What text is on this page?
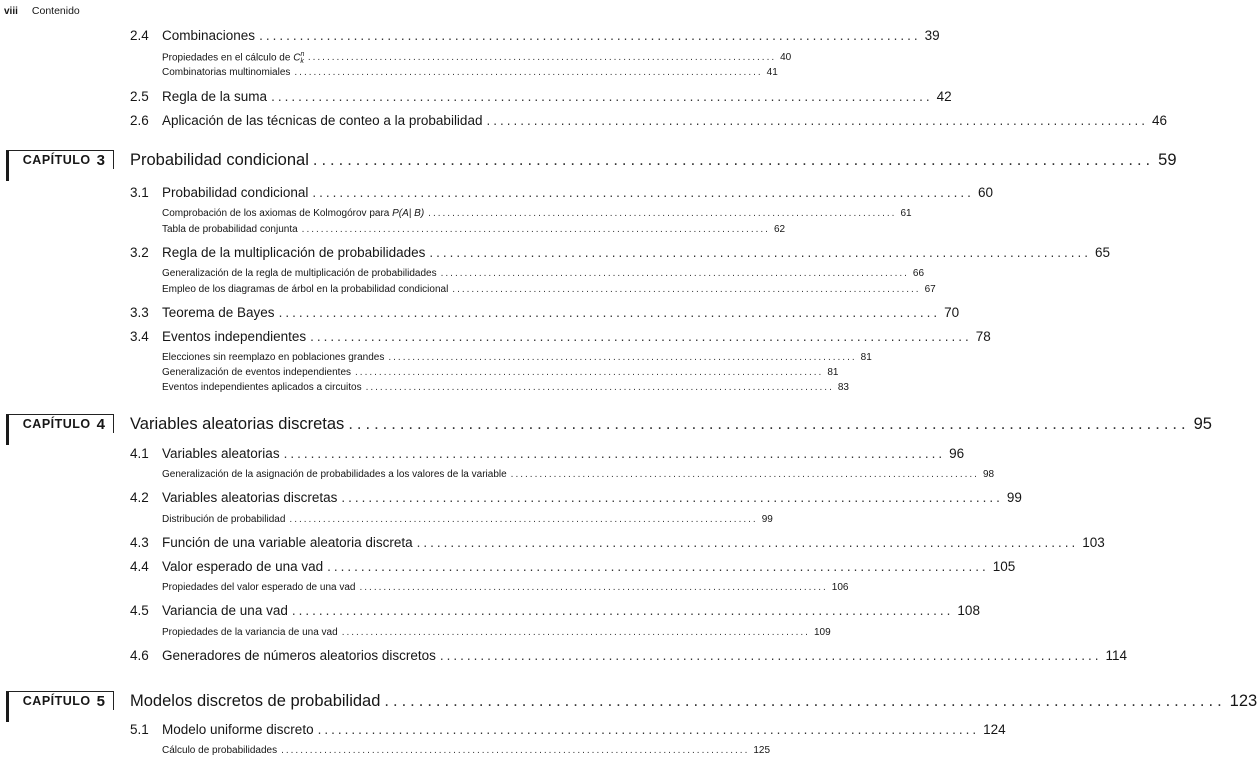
viii Contenido
2.4 Combinaciones .................................................................................................. 39
Propiedades en el cálculo de $C^n_k$ .................................................................................................. 40
Combinatorias multinomiales .................................................................................................. 41
2.5 Regla de la suma .................................................................................................. 42
2.6 Aplicación de las técnicas de conteo a la probabilidad .................................................................................................. 46
CAPÍTULO 3 Probabilidad condicional .................................................................................................. 59
3.1 Probabilidad condicional .................................................................................................. 60
Comprobación de los axiomas de Kolmogórov para P(A| B) .................................................................................................. 61
Tabla de probabilidad conjunta .................................................................................................. 62
3.2 Regla de la multiplicación de probabilidades .................................................................................................. 65
Generalización de la regla de multiplicación de probabilidades .................................................................................................. 66
Empleo de los diagramas de árbol en la probabilidad condicional .................................................................................................. 67
3.3 Teorema de Bayes .................................................................................................. 70
3.4 Eventos independientes .................................................................................................. 78
Elecciones sin reemplazo en poblaciones grandes .................................................................................................. 81
Generalización de eventos independientes .................................................................................................. 81
Eventos independientes aplicados a circuitos .................................................................................................. 83
CAPÍTULO 4 Variables aleatorias discretas .................................................................................................. 95
4.1 Variables aleatorias .................................................................................................. 96
Generalización de la asignación de probabilidades a los valores de la variable .................................................................................................. 98
4.2 Variables aleatorias discretas .................................................................................................. 99
Distribución de probabilidad .................................................................................................. 99
4.3 Función de una variable aleatoria discreta .................................................................................................. 103
4.4 Valor esperado de una vad .................................................................................................. 105
Propiedades del valor esperado de una vad .................................................................................................. 106
4.5 Variancia de una vad .................................................................................................. 108
Propiedades de la variancia de una vad .................................................................................................. 109
4.6 Generadores de números aleatorios discretos .................................................................................................. 114
CAPÍTULO 5 Modelos discretos de probabilidad .................................................................................................. 123
5.1 Modelo uniforme discreto .................................................................................................. 124
Cálculo de probabilidades .................................................................................................. 125
